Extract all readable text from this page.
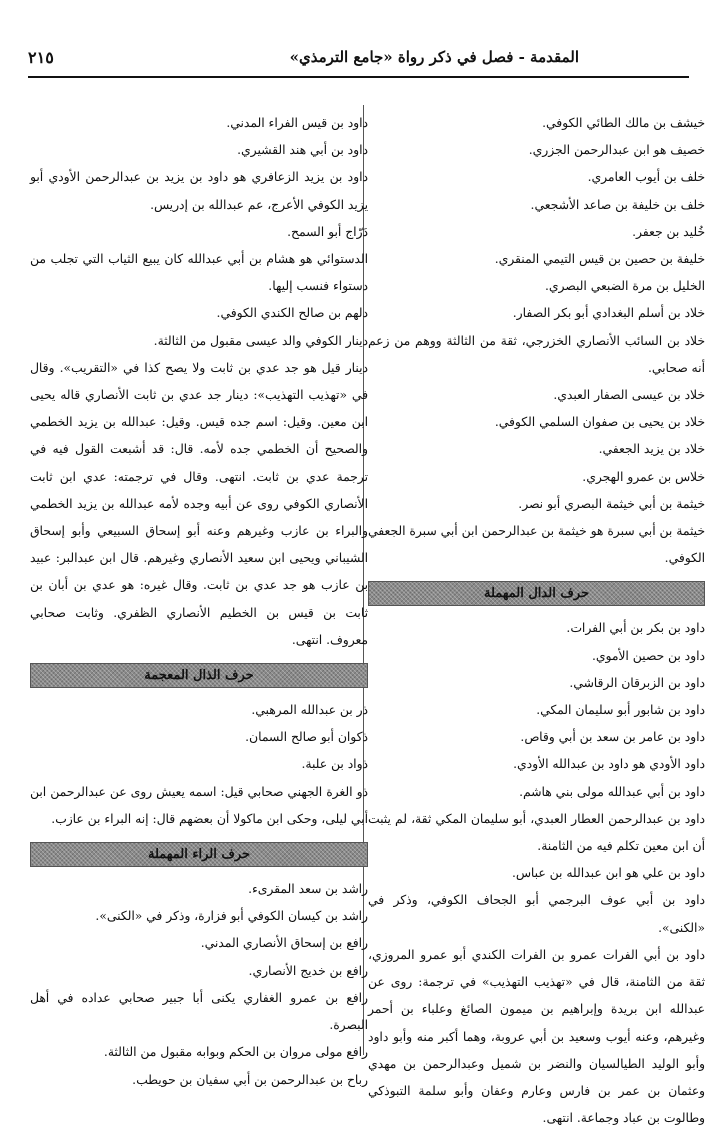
المقدمة - فصل في ذكر رواة «جامع الترمذي»
٢١٥

خيشف بن مالك الطائي الكوفي.

خصيف هو ابن عبدالرحمن الجزري.

خلف بن أيوب العامري.

خلف بن خليفة بن صاعد الأشجعي.

خُليد بن جعفر.

خليفة بن حصين بن قيس التيمي المنقري.

الخليل بن مرة الضبعي البصري.

خلاد بن أسلم البغدادي أبو بكر الصفار.

خلاد بن السائب الأنصاري الخزرجي، ثقة من الثالثة ووهم من زعم أنه صحابي.

خلاد بن عيسى الصفار العبدي.

خلاد بن يحيى بن صفوان السلمي الكوفي.

خلاد بن يزيد الجعفي.

خلاس بن عمرو الهجري.

خيثمة بن أبي خيثمة البصري أبو نصر.

خيثمة بن أبي سبرة هو خيثمة بن عبدالرحمن ابن أبي سبرة الجعفي الكوفي.

حرف الدال المهملة

داود بن بكر بن أبي الفرات.

داود بن حصين الأموي.

داود بن الزبرقان الرقاشي.

داود بن شابور أبو سليمان المكي.

داود بن عامر بن سعد بن أبي وقاص.

داود الأودي هو داود بن عبدالله الأودي.

داود بن أبي عبدالله مولى بني هاشم.

داود بن عبدالرحمن العطار العبدي، أبو سليمان المكي ثقة، لم يثبت أن ابن معين تكلم فيه من الثامنة.

داود بن علي هو ابن عبدالله بن عباس.

داود بن أبي عوف البرجمي أبو الجحاف الكوفي، وذكر في «الكنى».

داود بن أبي الفرات عمرو بن الفرات الكندي أبو عمرو المروزي، ثقة من الثامنة، قال في «تهذيب التهذيب» في ترجمة: روى عن عبدالله ابن بريدة وإبراهيم بن ميمون الصائغ وعلباء بن أحمر وغيرهم، وعنه أيوب وسعيد بن أبي عروبة، وهما أكبر منه وأبو داود وأبو الوليد الطيالسيان والنضر بن شميل وعبدالرحمن بن مهدي وعثمان بن عمر بن فارس وعارم وعفان وأبو سلمة التبوذكي وطالوت بن عباد وجماعة. انتهى.

داود بن قيس الفراء المدني.

داود بن أبي هند القشيري.

داود بن يزيد الزعافري هو داود بن يزيد بن عبدالرحمن الأودي أبو يزيد الكوفي الأعرج، عم عبدالله بن إدريس.

دَرّاج أبو السمح.

الدستوائي هو هشام بن أبي عبدالله كان يبيع الثياب التي تجلب من دستواء فنسب إليها.

دلهم بن صالح الكندي الكوفي.

دينار الكوفي والد عيسى مقبول من الثالثة.

دينار قيل هو جد عدي بن ثابت ولا يصح كذا في «التقريب». وقال في «تهذيب التهذيب»: دينار جد عدي بن ثابت الأنصاري قاله يحيى ابن معين. وقيل: اسم جده قيس. وقيل: عبدالله بن يزيد الخطمي والصحيح أن الخطمي جده لأمه. قال: قد أشبعت القول فيه في ترجمة عدي بن ثابت. انتهى. وقال في ترجمته: عدي ابن ثابت الأنصاري الكوفي روى عن أبيه وجده لأمه عبدالله بن يزيد الخطمي والبراء بن عازب وغيرهم وعنه أبو إسحاق السبيعي وأبو إسحاق الشيباني ويحيى ابن سعيد الأنصاري وغيرهم. قال ابن عبدالبر: عبيد بن عازب هو جد عدي بن ثابت. وقال غيره: هو عدي بن أبان بن ثابت بن قيس بن الخطيم الأنصاري الظفري. وثابت صحابي معروف. انتهى.

حرف الذال المعجمة

ذر بن عبدالله المرهبي.

ذكوان أبو صالح السمان.

ذواد بن علبة.

ذو الغرة الجهني صحابي قيل: اسمه يعيش روى عن عبدالرحمن ابن أبي ليلى، وحكى ابن ماكولا أن بعضهم قال: إنه البراء بن عازب.

حرف الراء المهملة

راشد بن سعد المقرىء.

راشد بن كيسان الكوفي أبو فزارة، وذكر في «الكنى».

رافع بن إسحاق الأنصاري المدني.

رافع بن خديج الأنصاري.

رافع بن عمرو الغفاري يكنى أبا جبير صحابي عداده في أهل البصرة.

رافع مولى مروان بن الحكم وبوابه مقبول من الثالثة.

رباح بن عبدالرحمن بن أبي سفيان بن حويطب.
